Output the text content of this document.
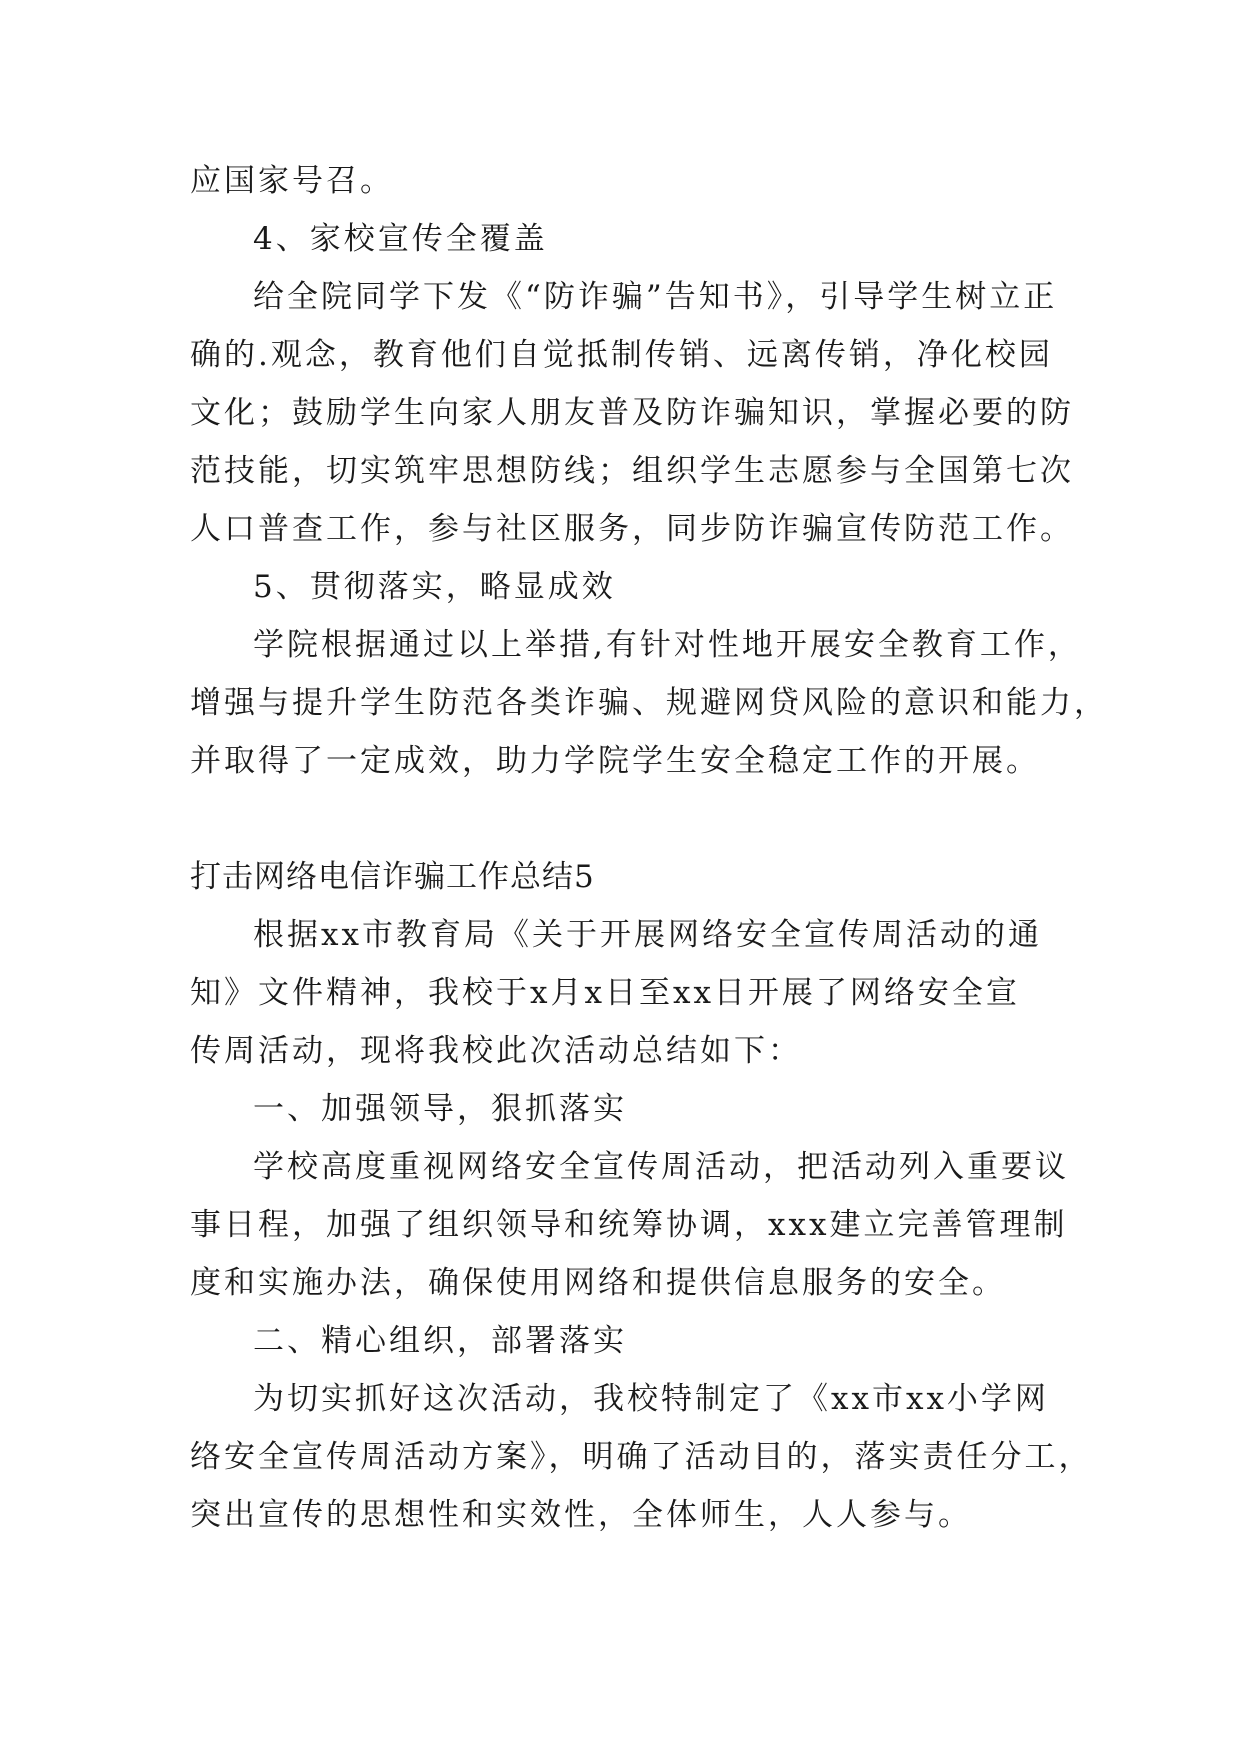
应国家号召。
4、家校宣传全覆盖
给全院同学下发《“防诈骗”告知书》，引导学生树立正
确的.观念，教育他们自觉抵制传销、远离传销，净化校园
文化；鼓励学生向家人朋友普及防诈骗知识，掌握必要的防
范技能，切实筑牢思想防线；组织学生志愿参与全国第七次
人口普查工作，参与社区服务，同步防诈骗宣传防范工作。
5、贯彻落实，略显成效
学院根据通过以上举措,有针对性地开展安全教育工作，
增强与提升学生防范各类诈骗、规避网贷风险的意识和能力，
并取得了一定成效，助力学院学生安全稳定工作的开展。
打击网络电信诈骗工作总结5
根据xx市教育局《关于开展网络安全宣传周活动的通
知》文件精神，我校于x月x日至xx日开展了网络安全宣
传周活动，现将我校此次活动总结如下：
一、加强领导，狠抓落实
学校高度重视网络安全宣传周活动，把活动列入重要议
事日程，加强了组织领导和统筹协调，xxx建立完善管理制
度和实施办法，确保使用网络和提供信息服务的安全。
二、精心组织，部署落实
为切实抓好这次活动，我校特制定了《xx市xx小学网
络安全宣传周活动方案》，明确了活动目的，落实责任分工，
突出宣传的思想性和实效性，全体师生，人人参与。
